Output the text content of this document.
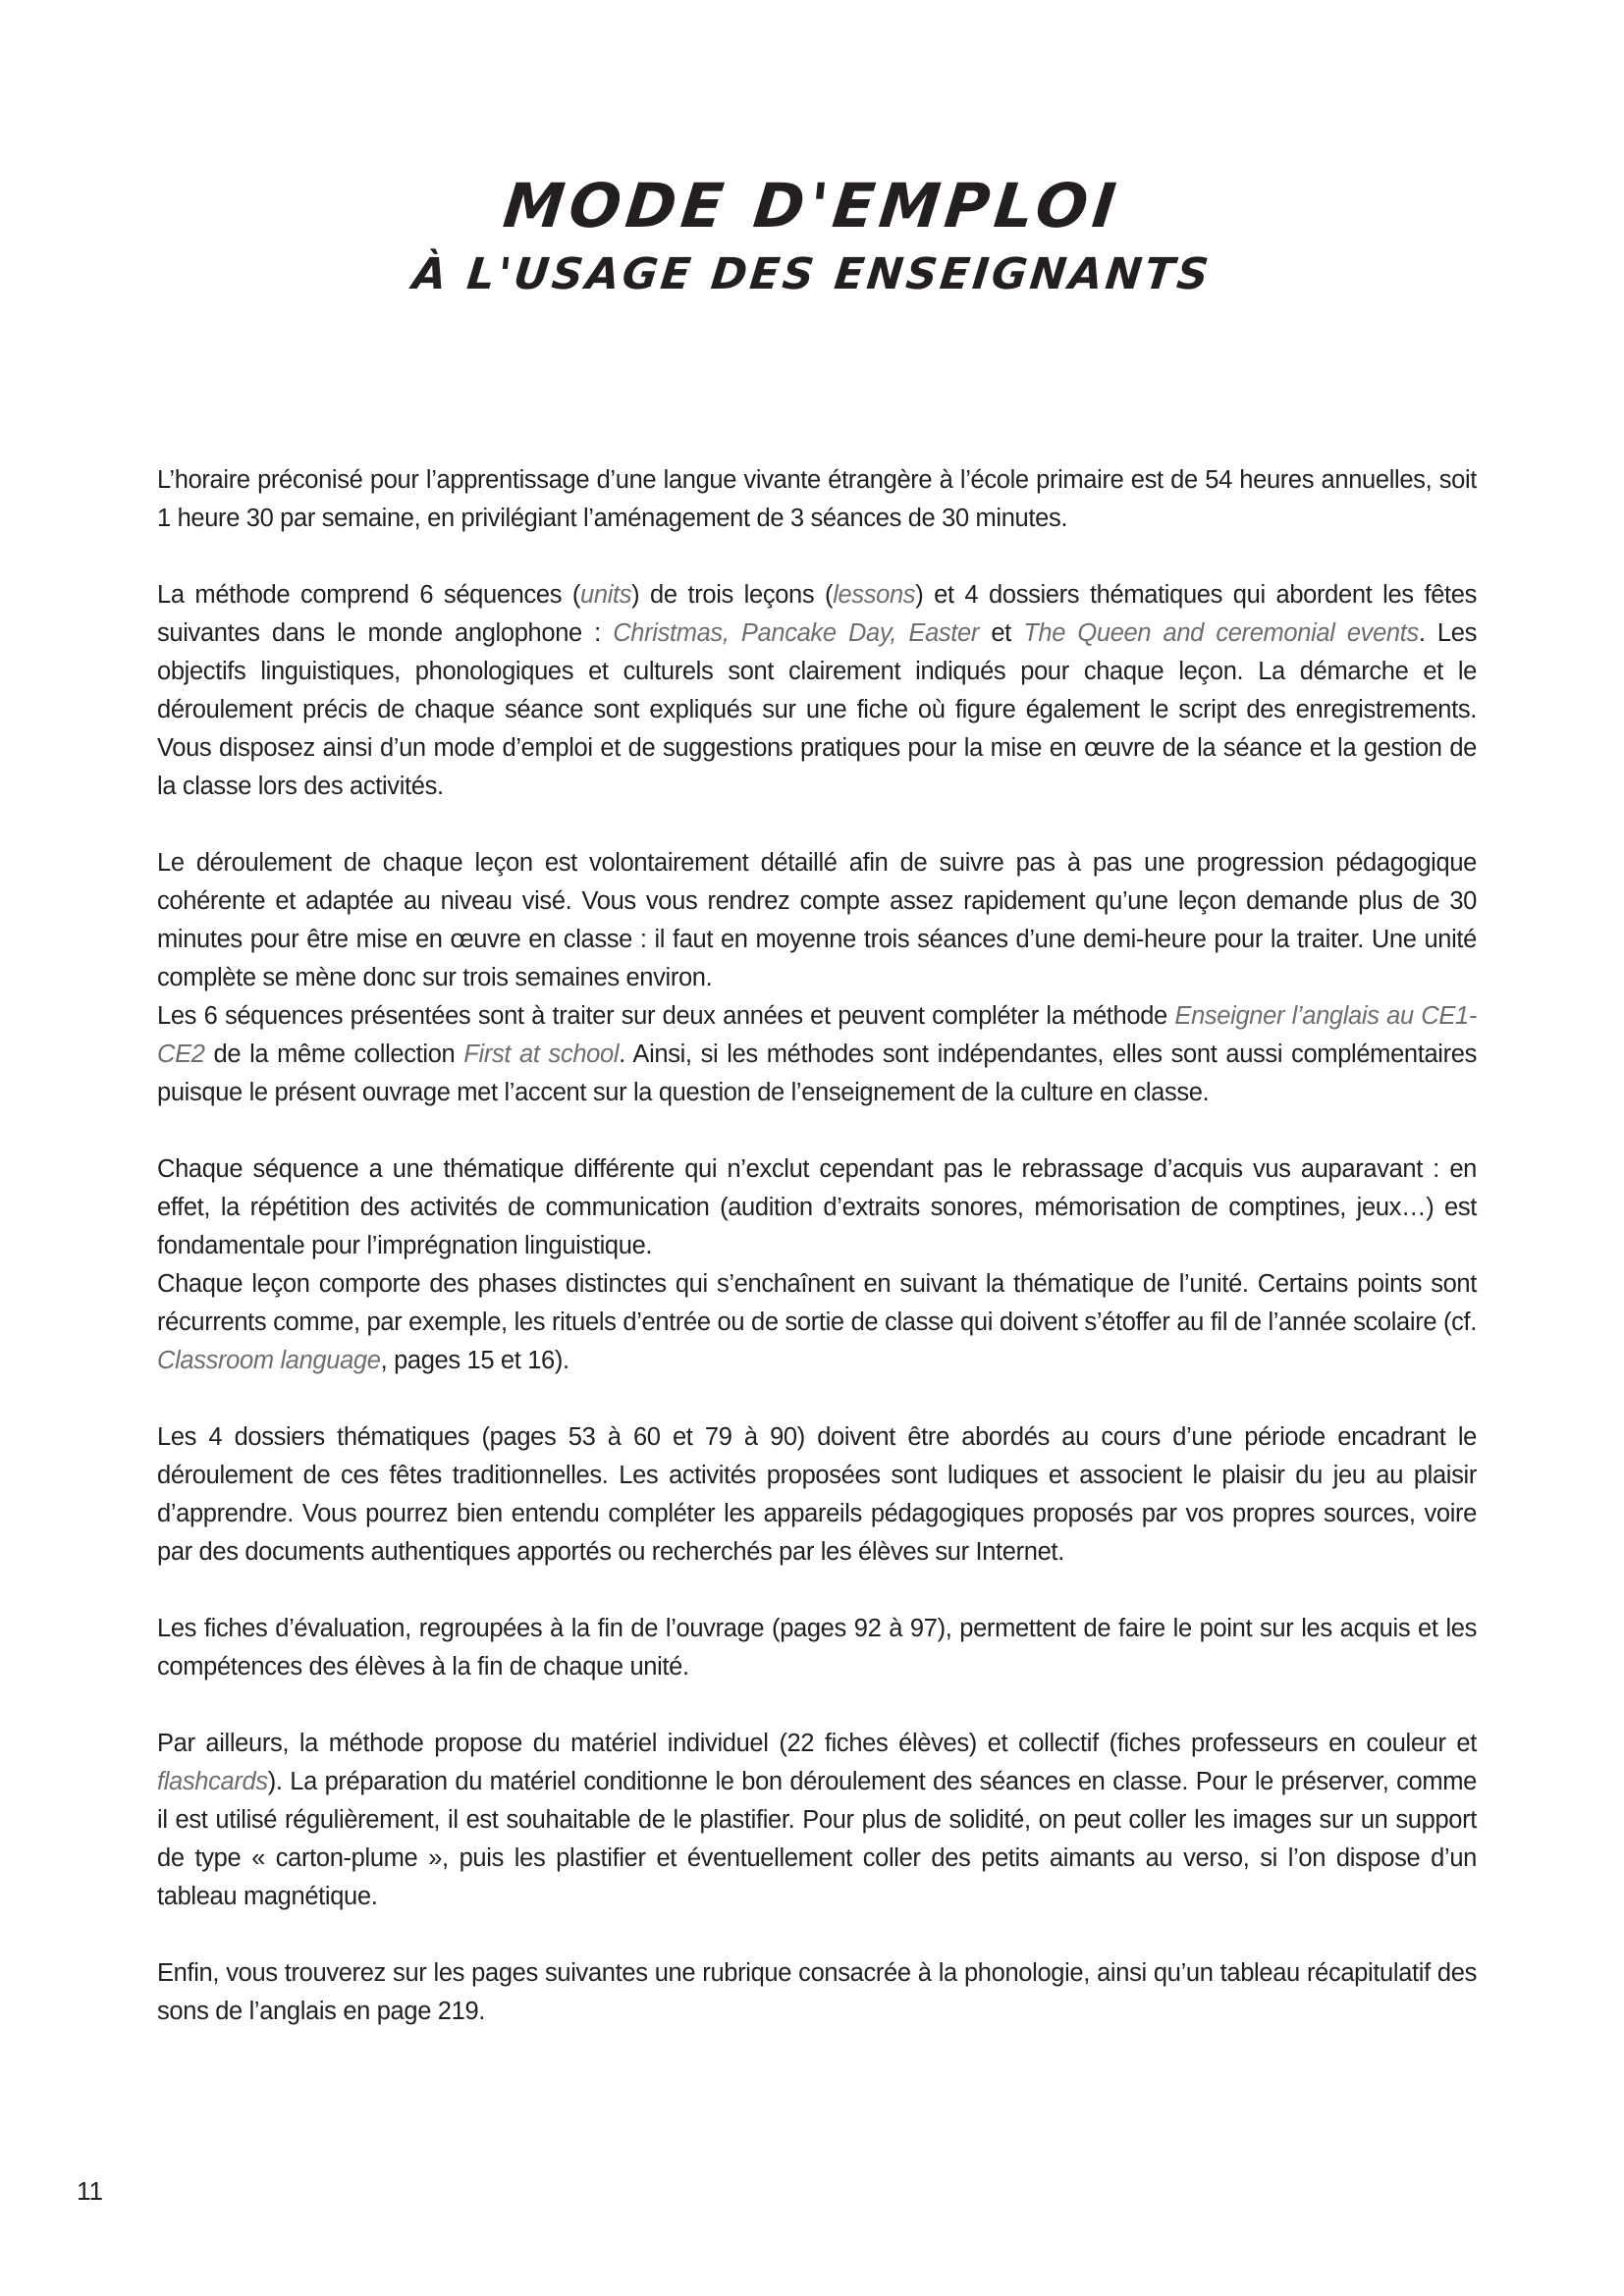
MODE D'EMPLOI
À L'USAGE DES ENSEIGNANTS

L’horaire préconisé pour l’apprentissage d’une langue vivante étrangère à l’école primaire est de 54 heures annuelles, soit 1 heure 30 par semaine, en privilégiant l’aménagement de 3 séances de 30 minutes.

La méthode comprend 6 séquences (units) de trois leçons (lessons) et 4 dossiers thématiques qui abordent les fêtes suivantes dans le monde anglophone : Christmas, Pancake Day, Easter et The Queen and ceremonial events. Les objectifs linguistiques, phonologiques et culturels sont clairement indiqués pour chaque leçon. La démarche et le déroulement précis de chaque séance sont expliqués sur une fiche où figure également le script des enregistrements. Vous disposez ainsi d’un mode d’emploi et de suggestions pratiques pour la mise en œuvre de la séance et la gestion de la classe lors des activités.

Le déroulement de chaque leçon est volontairement détaillé afin de suivre pas à pas une progression pédagogique cohérente et adaptée au niveau visé. Vous vous rendrez compte assez rapidement qu’une leçon demande plus de 30 minutes pour être mise en œuvre en classe : il faut en moyenne trois séances d’une demi-heure pour la traiter. Une unité complète se mène donc sur trois semaines environ.

Les 6 séquences présentées sont à traiter sur deux années et peuvent compléter la méthode Enseigner l’anglais au CE1-CE2 de la même collection First at school. Ainsi, si les méthodes sont indépendantes, elles sont aussi complémentaires puisque le présent ouvrage met l’accent sur la question de l’enseignement de la culture en classe.

Chaque séquence a une thématique différente qui n’exclut cependant pas le rebrassage d’acquis vus auparavant : en effet, la répétition des activités de communication (audition d’extraits sonores, mémorisation de comptines, jeux…) est fondamentale pour l’imprégnation linguistique.

Chaque leçon comporte des phases distinctes qui s’enchaînent en suivant la thématique de l’unité. Certains points sont récurrents comme, par exemple, les rituels d’entrée ou de sortie de classe qui doivent s’étoffer au fil de l’année scolaire (cf. Classroom language, pages 15 et 16).

Les 4 dossiers thématiques (pages 53 à 60 et 79 à 90) doivent être abordés au cours d’une période encadrant le déroulement de ces fêtes traditionnelles. Les activités proposées sont ludiques et associent le plaisir du jeu au plaisir d’apprendre. Vous pourrez bien entendu compléter les appareils pédagogiques proposés par vos propres sources, voire par des documents authentiques apportés ou recherchés par les élèves sur Internet.

Les fiches d’évaluation, regroupées à la fin de l’ouvrage (pages 92 à 97), permettent de faire le point sur les acquis et les compétences des élèves à la fin de chaque unité.

Par ailleurs, la méthode propose du matériel individuel (22 fiches élèves) et collectif (fiches professeurs en couleur et flashcards). La préparation du matériel conditionne le bon déroulement des séances en classe. Pour le préserver, comme il est utilisé régulièrement, il est souhaitable de le plastifier. Pour plus de solidité, on peut coller les images sur un support de type « carton-plume », puis les plastifier et éventuellement coller des petits aimants au verso, si l’on dispose d’un tableau magnétique.

Enfin, vous trouverez sur les pages suivantes une rubrique consacrée à la phonologie, ainsi qu’un tableau récapitulatif des sons de l’anglais en page 219.

11
